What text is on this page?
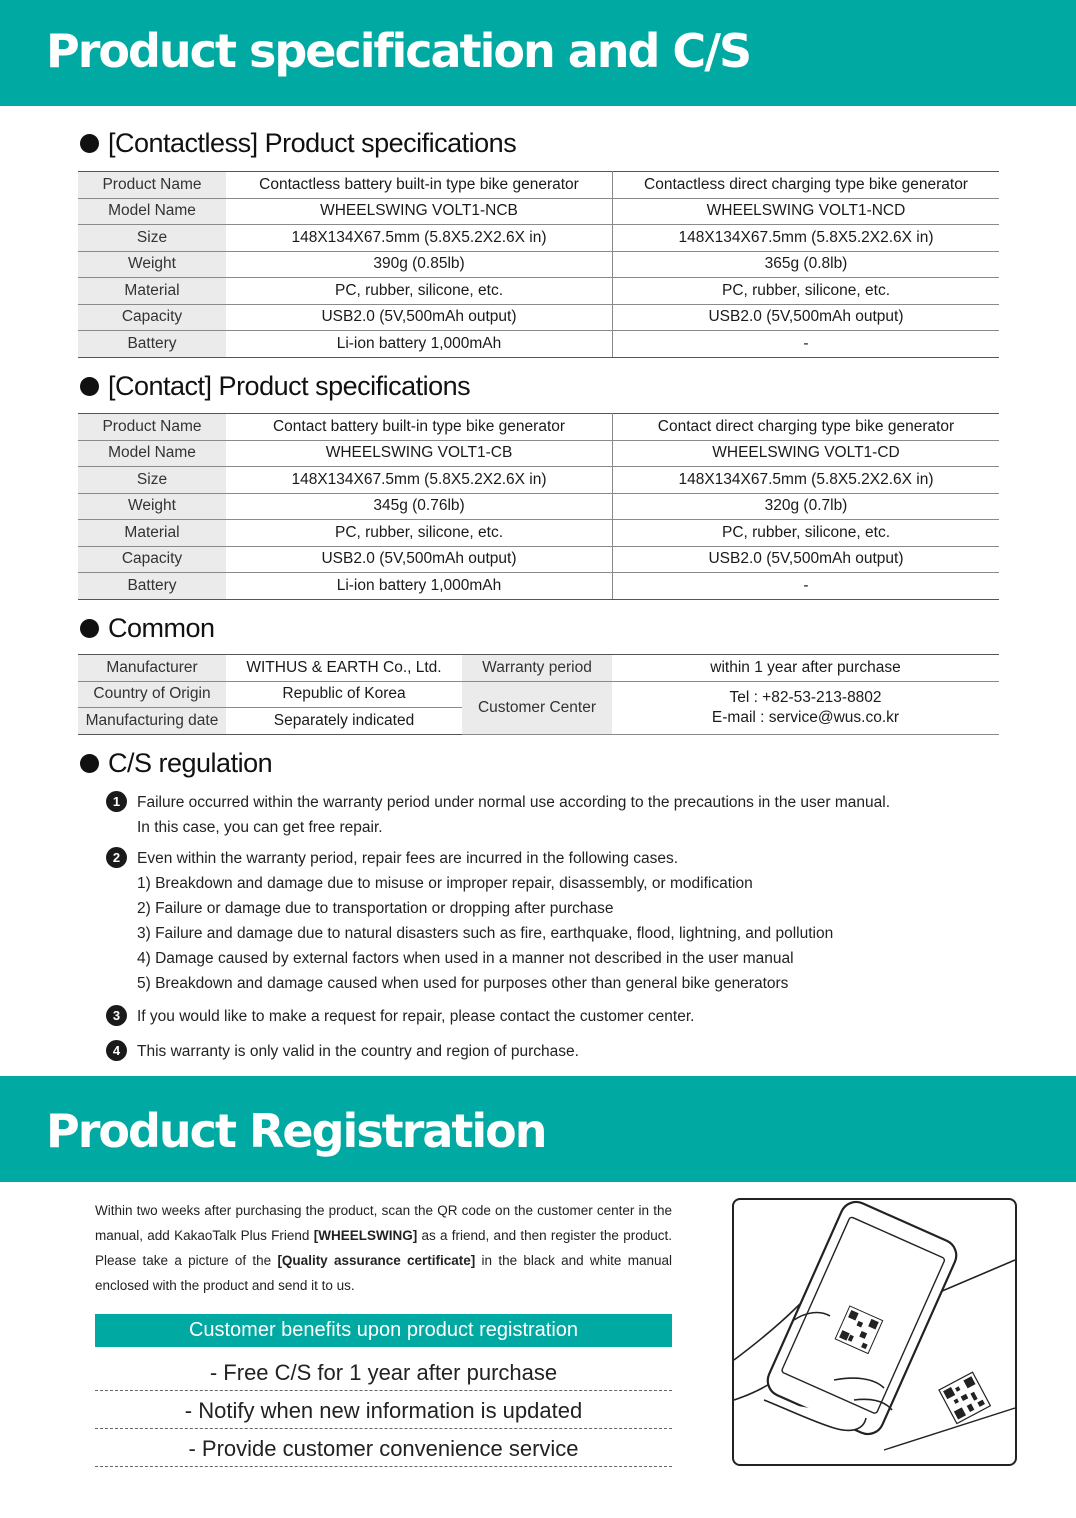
Product specification and C/S
[Contactless] Product specifications
Product Name	Contactless battery built-in type bike generator	Contactless direct charging type bike generator
Model Name	WHEELSWING VOLT1-NCB	WHEELSWING VOLT1-NCD
Size	148X134X67.5mm (5.8X5.2X2.6X in)	148X134X67.5mm (5.8X5.2X2.6X in)
Weight	390g (0.85lb)	365g (0.8lb)
Material	PC, rubber, silicone, etc.	PC, rubber, silicone, etc.
Capacity	USB2.0 (5V,500mAh output)	USB2.0 (5V,500mAh output)
Battery	Li-ion battery 1,000mAh	-
[Contact] Product specifications
Product Name	Contact battery built-in type bike generator	Contact direct charging type bike generator
Model Name	WHEELSWING VOLT1-CB	WHEELSWING VOLT1-CD
Size	148X134X67.5mm (5.8X5.2X2.6X in)	148X134X67.5mm (5.8X5.2X2.6X in)
Weight	345g (0.76lb)	320g (0.7lb)
Material	PC, rubber, silicone, etc.	PC, rubber, silicone, etc.
Capacity	USB2.0 (5V,500mAh output)	USB2.0 (5V,500mAh output)
Battery	Li-ion battery 1,000mAh	-
Common
Manufacturer	WITHUS & EARTH Co., Ltd.	Warranty period	within 1 year after purchase
Country of Origin	Republic of Korea	Customer Center	Tel : +82-53-213-8802
E-mail : service@wus.co.kr

Manufacturing date	Separately indicated		
C/S regulation
1	Failure occurred within the warranty period under normal use according to the precautions in the user manual.
In this case, you can get free repair.
2	Even within the warranty period, repair fees are incurred in the following cases.
1) Breakdown and damage due to misuse or improper repair, disassembly, or modification
2) Failure or damage due to transportation or dropping after purchase
3) Failure and damage due to natural disasters such as fire, earthquake, flood, lightning, and pollution
4) Damage caused by external factors when used in a manner not described in the user manual
5) Breakdown and damage caused when used for purposes other than general bike generators
3	If you would like to make a request for repair, please contact the customer center.
4	This warranty is only valid in the country and region of purchase.
Product Registration
Within two weeks after purchasing the product, scan the QR code on the customer center in the manual, add KakaoTalk Plus Friend [WHEELSWING] as a friend, and then register the product. Please take a picture of the [Quality assurance certificate] in the black and white manual enclosed with the product and send it to us.
Customer benefits upon product registration
- Free C/S for 1 year after purchase
- Notify when new information is updated
- Provide customer convenience service
